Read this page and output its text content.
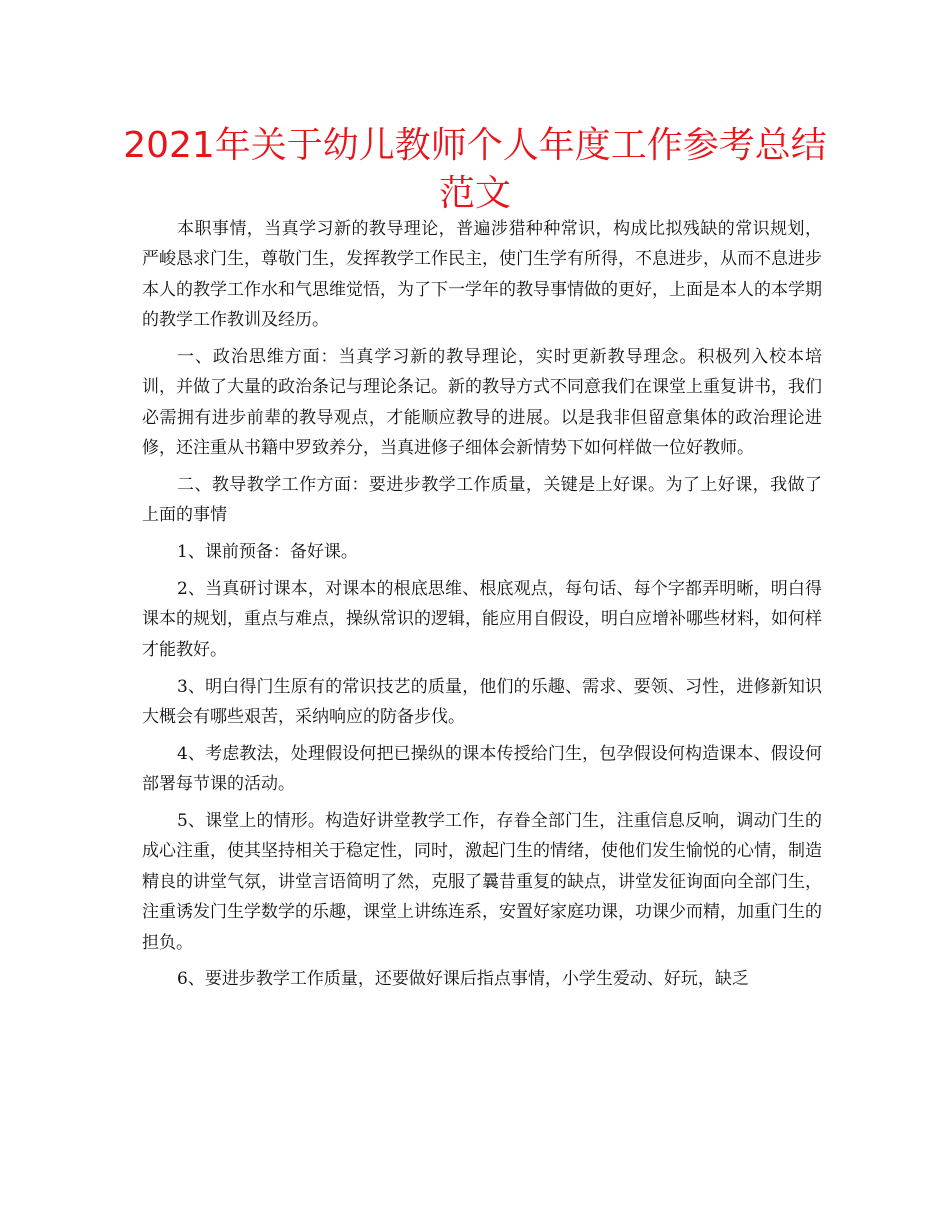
2021年关于幼儿教师个人年度工作参考总结范文

本职事情，当真学习新的教导理论，普遍涉猎种种常识，构成比拟残缺的常识规划，严峻恳求门生，尊敬门生，发挥教学工作民主，使门生学有所得，不息进步，从而不息进步本人的教学工作水和气思维觉悟，为了下一学年的教导事情做的更好，上面是本人的本学期的教学工作教训及经历。

一、政治思维方面：当真学习新的教导理论，实时更新教导理念。积极列入校本培训，并做了大量的政治条记与理论条记。新的教导方式不同意我们在课堂上重复讲书，我们必需拥有进步前辈的教导观点，才能顺应教导的进展。以是我非但留意集体的政治理论进修，还注重从书籍中罗致养分，当真进修子细体会新情势下如何样做一位好教师。

二、教导教学工作方面：要进步教学工作质量，关键是上好课。为了上好课，我做了上面的事情

1、课前预备：备好课。

2、当真研讨课本，对课本的根底思维、根底观点，每句话、每个字都弄明晰，明白得课本的规划，重点与难点，操纵常识的逻辑，能应用自假设，明白应增补哪些材料，如何样才能教好。

3、明白得门生原有的常识技艺的质量，他们的乐趣、需求、要领、习性，进修新知识大概会有哪些艰苦，采纳响应的防备步伐。

4、考虑教法，处理假设何把已操纵的课本传授给门生，包孕假设何构造课本、假设何部署每节课的活动。

5、课堂上的情形。构造好讲堂教学工作，存眷全部门生，注重信息反响，调动门生的成心注重，使其坚持相关于稳定性，同时，激起门生的情绪，使他们发生愉悦的心情，制造精良的讲堂气氛，讲堂言语简明了然，克服了曩昔重复的缺点，讲堂发征询面向全部门生，注重诱发门生学数学的乐趣，课堂上讲练连系，安置好家庭功课，功课少而精，加重门生的担负。

6、要进步教学工作质量，还要做好课后指点事情，小学生爱动、好玩，缺乏
